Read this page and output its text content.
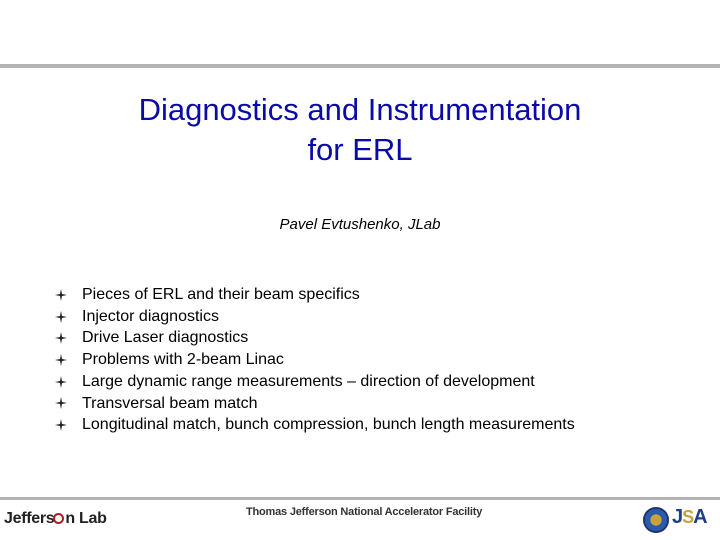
Diagnostics and Instrumentation
for ERL
Pavel Evtushenko, JLab
Pieces of ERL and their beam specifics
Injector diagnostics
Drive Laser diagnostics
Problems with 2-beam Linac
Large dynamic range measurements – direction of development
Transversal beam match
Longitudinal match, bunch compression, bunch length measurements
Jeffers n Lab	Thomas Jefferson National Accelerator Facility	JSA
